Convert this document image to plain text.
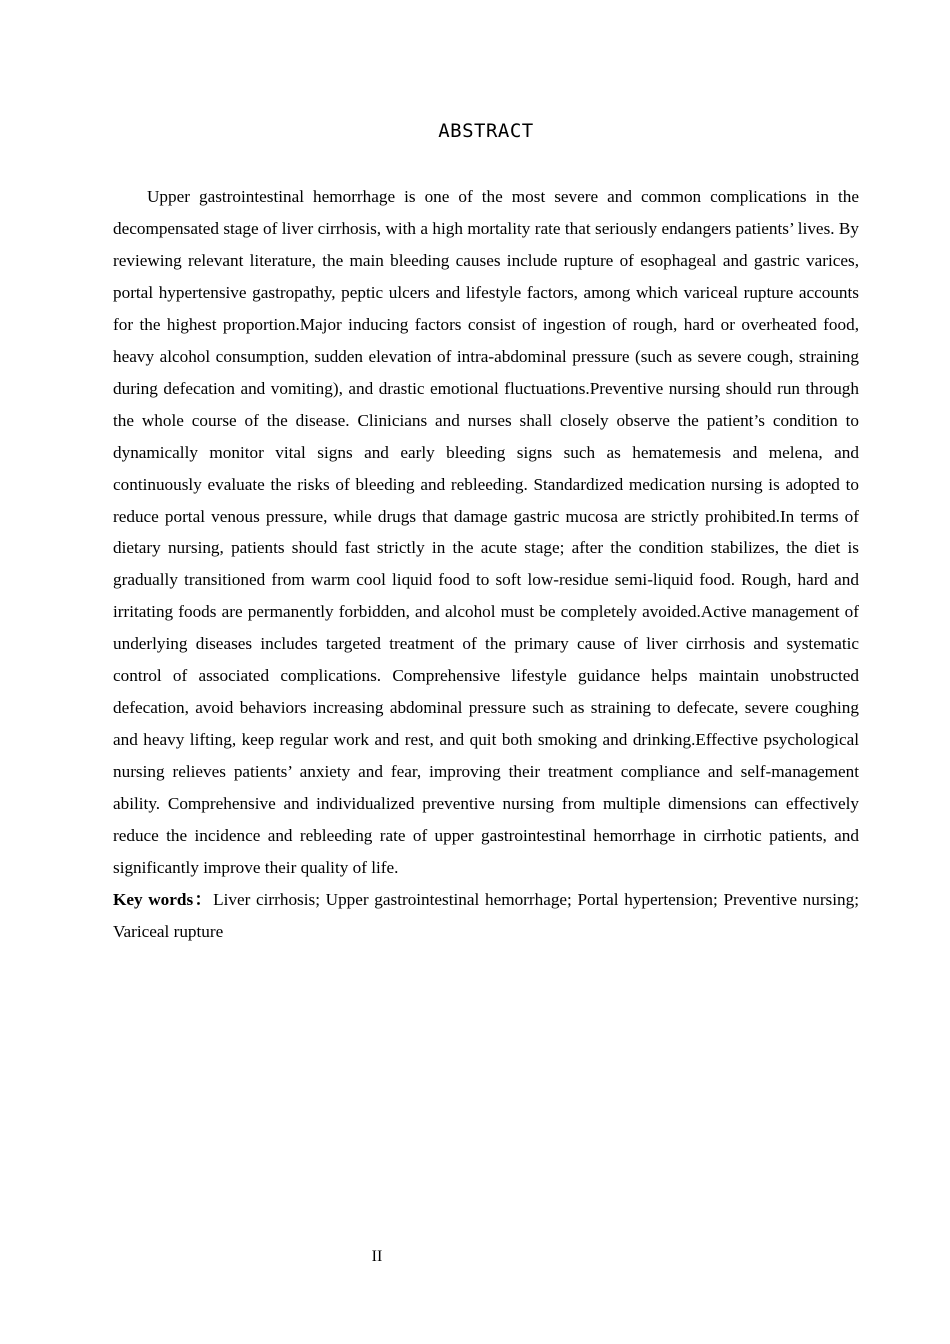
ABSTRACT

Upper gastrointestinal hemorrhage is one of the most severe and common complications in the decompensated stage of liver cirrhosis, with a high mortality rate that seriously endangers patients’ lives. By reviewing relevant literature, the main bleeding causes include rupture of esophageal and gastric varices, portal hypertensive gastropathy, peptic ulcers and lifestyle factors, among which variceal rupture accounts for the highest proportion.Major inducing factors consist of ingestion of rough, hard or overheated food, heavy alcohol consumption, sudden elevation of intra-abdominal pressure (such as severe cough, straining during defecation and vomiting), and drastic emotional fluctuations.Preventive nursing should run through the whole course of the disease. Clinicians and nurses shall closely observe the patient’s condition to dynamically monitor vital signs and early bleeding signs such as hematemesis and melena, and continuously evaluate the risks of bleeding and rebleeding. Standardized medication nursing is adopted to reduce portal venous pressure, while drugs that damage gastric mucosa are strictly prohibited.In terms of dietary nursing, patients should fast strictly in the acute stage; after the condition stabilizes, the diet is gradually transitioned from warm cool liquid food to soft low-residue semi-liquid food. Rough, hard and irritating foods are permanently forbidden, and alcohol must be completely avoided.Active management of underlying diseases includes targeted treatment of the primary cause of liver cirrhosis and systematic control of associated complications. Comprehensive lifestyle guidance helps maintain unobstructed defecation, avoid behaviors increasing abdominal pressure such as straining to defecate, severe coughing and heavy lifting, keep regular work and rest, and quit both smoking and drinking.Effective psychological nursing relieves patients’ anxiety and fear, improving their treatment compliance and self-management ability. Comprehensive and individualized preventive nursing from multiple dimensions can effectively reduce the incidence and rebleeding rate of upper gastrointestinal hemorrhage in cirrhotic patients, and significantly improve their quality of life.

Key words：Liver cirrhosis; Upper gastrointestinal hemorrhage; Portal hypertension; Preventive nursing; Variceal rupture

II
